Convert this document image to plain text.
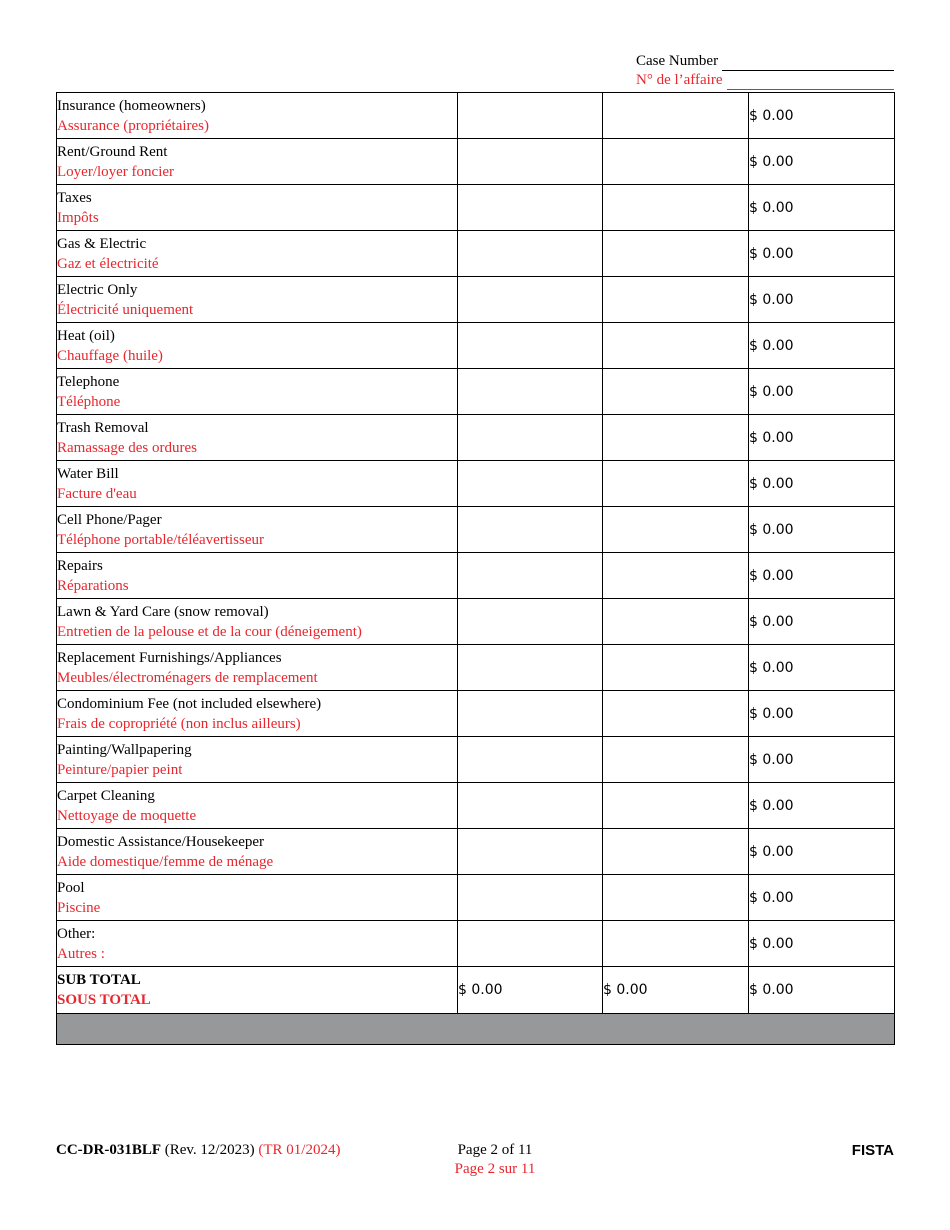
Case Number
N° de l’affaire
Insurance (homeowners)
Assurance (propriétaires)			$ 0.00

Rent/Ground Rent
Loyer/loyer foncier			$ 0.00

Taxes
Impôts			$ 0.00

Gas & Electric
Gaz et électricité			$ 0.00

Electric Only
Électricité uniquement			$ 0.00

Heat (oil)
Chauffage (huile)			$ 0.00

Telephone
Téléphone			$ 0.00

Trash Removal
Ramassage des ordures			$ 0.00

Water Bill
Facture d'eau			$ 0.00

Cell Phone/Pager
Téléphone portable/téléavertisseur			$ 0.00

Repairs
Réparations			$ 0.00

Lawn & Yard Care (snow removal)
Entretien de la pelouse et de la cour (déneigement)			$ 0.00

Replacement Furnishings/Appliances
Meubles/électroménagers de remplacement			$ 0.00

Condominium Fee (not included elsewhere)
Frais de copropriété (non inclus ailleurs)			$ 0.00

Painting/Wallpapering
Peinture/papier peint			$ 0.00

Carpet Cleaning
Nettoyage de moquette			$ 0.00

Domestic Assistance/Housekeeper
Aide domestique/femme de ménage			$ 0.00

Pool
Piscine			$ 0.00

Other:
Autres :			$ 0.00

SUB TOTAL
SOUS TOTAL	$ 0.00	$ 0.00	$ 0.00

CC-DR-031BLF (Rev. 12/2023) (TR 01/2024)	Page 2 of 11
Page 2 sur 11
FISTA
